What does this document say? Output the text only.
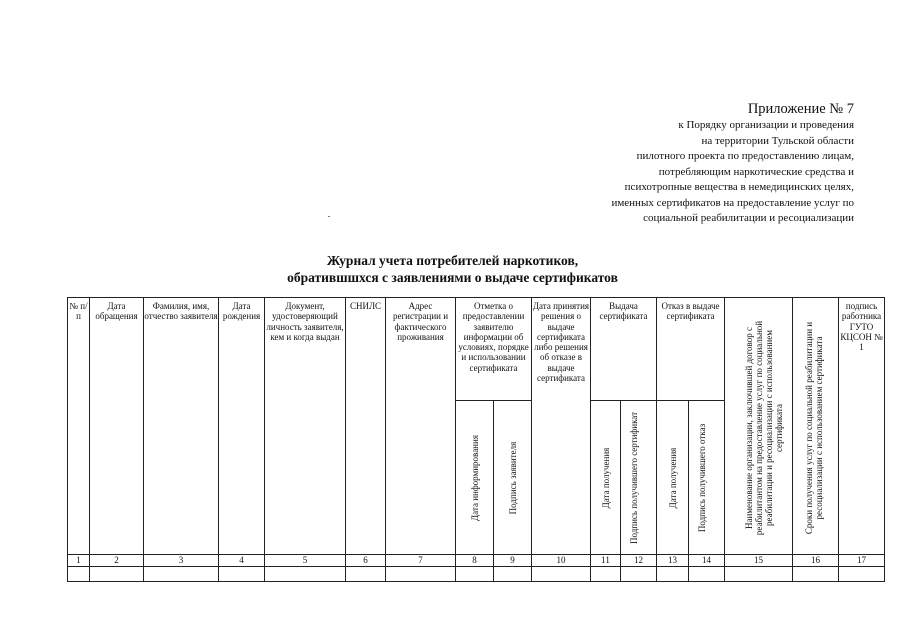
Приложение № 7
к Порядку организации и проведения
на территории Тульской области
пилотного проекта по предоставлению лицам,
потребляющим наркотические средства и
психотропные вещества в немедицинских целях,
именных сертификатов на предоставление услуг по
социальной реабилитации и ресоциализации
Журнал учета потребителей наркотиков,
обратившшхся с заявлениями о выдаче сертификатов
№ п/п	Дата обращения	Фамилия, имя, отчество заявителя	Дата рождения	Документ, удостоверяющий личность заявителя, кем и когда выдан	СНИЛС	Адрес регистрации и фактического проживания	Отметка о предоставлении заявителю информации об условиях, порядке и использовании сертификата		Дата принятия решения о выдаче сертификата либо решения об отказе в выдаче сертификата	Выдача сертификата		Отказ в выдаче сертификата		Наименование организации, заключившей договор с реабилитантом на предоставление услуг по социальной реабилитации и ресоциализации с использованием сертификата	Сроки получения услуг по социальной реабилитации и ресоциализации с использованием сертификата	подпись работника ГУТО КЦСОН № 1

							Дата информирования	Подпись заявителя		Дата получения	Подпись получившего сертификат	Дата получения	Подпись получившего отказ			

1	2	3	4	5	6	7	8	9	10	11	12	13	14	15	16	17
